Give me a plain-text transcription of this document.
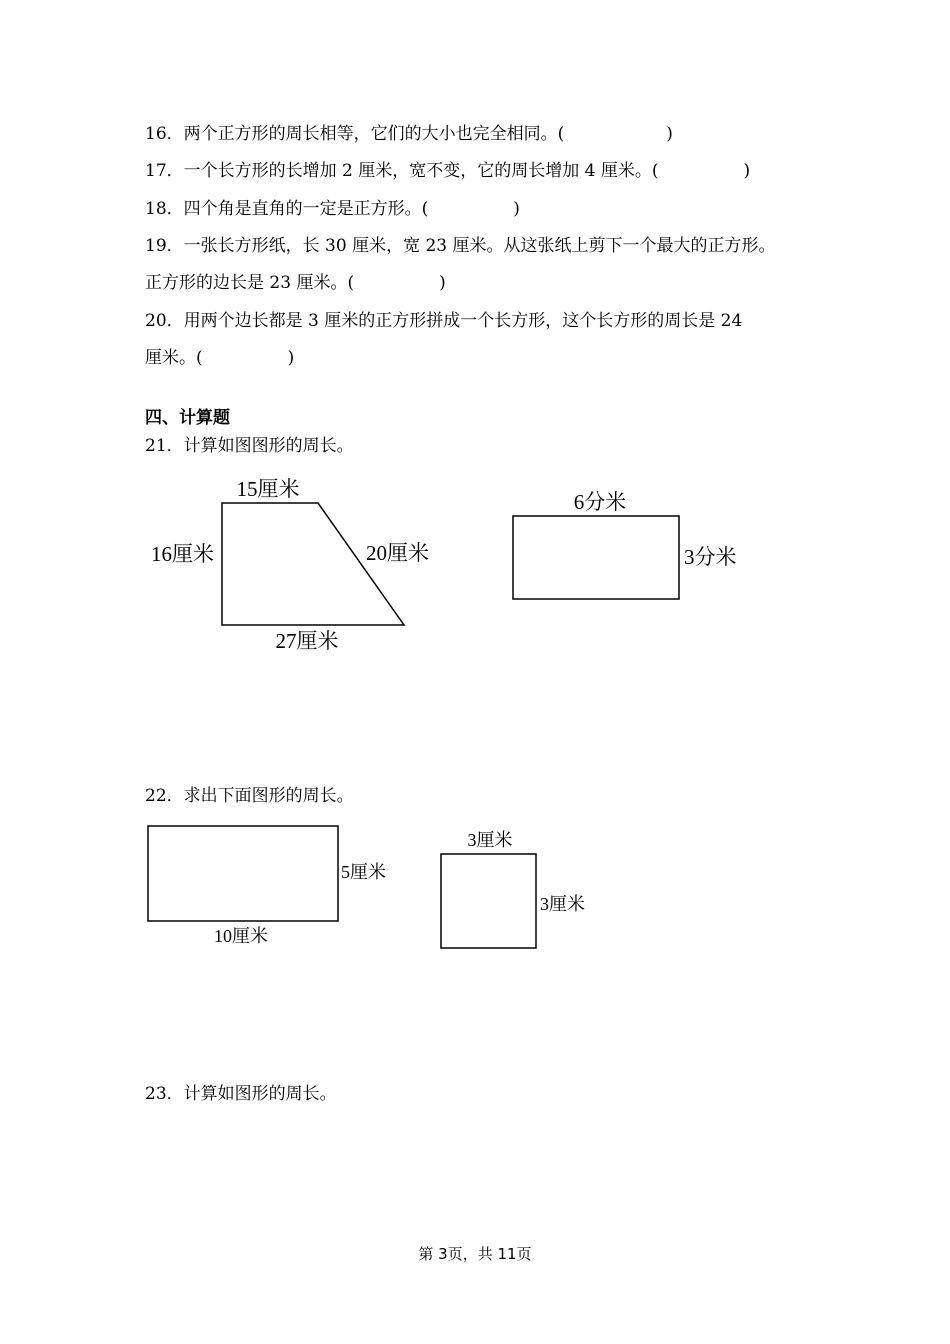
16．两个正方形的周长相等，它们的大小也完全相同。(　　　　　　)
17．一个长方形的长增加 2 厘米，宽不变，它的周长增加 4 厘米。(　　　　　)
18．四个角是直角的一定是正方形。(　　　　　)
19．一张长方形纸，长 30 厘米，宽 23 厘米。从这张纸上剪下一个最大的正方形。
正方形的边长是 23 厘米。(　　　　　)
20．用两个边长都是 3 厘米的正方形拼成一个长方形，这个长方形的周长是 24
厘米。(　　　　　)
四、计算题
21．计算如图图形的周长。
15厘米
16厘米	20厘米
27厘米
6分米
3分米
5厘米
10厘米
3厘米
3厘米
22．求出下面图形的周长。
23．计算如图形的周长。
第 3页，共 11页
